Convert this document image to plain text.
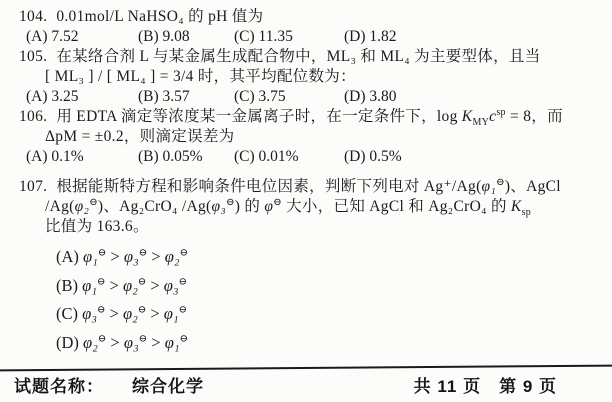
104. 0.01mol/L NaHSO₄ 的 pH 值为
(A) 7.52	(B) 9.08	(C) 11.35	(D) 1.82
105. 在某络合剂 L 与某金属生成配合物中，ML₃ 和 ML₄ 为主要型体，且当
[ ML₃ ] / [ ML₄ ] = 3/4 时，其平均配位数为：
(A) 3.25	(B) 3.57	(C) 3.75	(D) 3.80
106. 用 EDTA 滴定等浓度某一金属离子时，在一定条件下，$\log K_{MY}c^{sp} = 8$，而
ΔpM = ±0.2，则滴定误差为
(A) 0.1%	(B) 0.05%	(C) 0.01%	(D) 0.5%
107. 根据能斯特方程和影响条件电位因素，判断下列电对 Ag⁺/Ag(φ₁⊖)、AgCl
/Ag(φ₂⊖)、Ag₂CrO₄ /Ag(φ₃⊖) 的 φ⊖ 大小，已知 AgCl 和 Ag₂CrO₄ 的 $K_{sp}$
比值为 163.6。
(A) φ₁⊖ > φ₃⊖ > φ₂⊖
(B) φ₁⊖ > φ₂⊖ > φ₃⊖
(C) φ₃⊖ > φ₂⊖ > φ₁⊖
(D) φ₂⊖ > φ₃⊖ > φ₁⊖
试题名称： 综合化学	共 11 页 第 9 页
